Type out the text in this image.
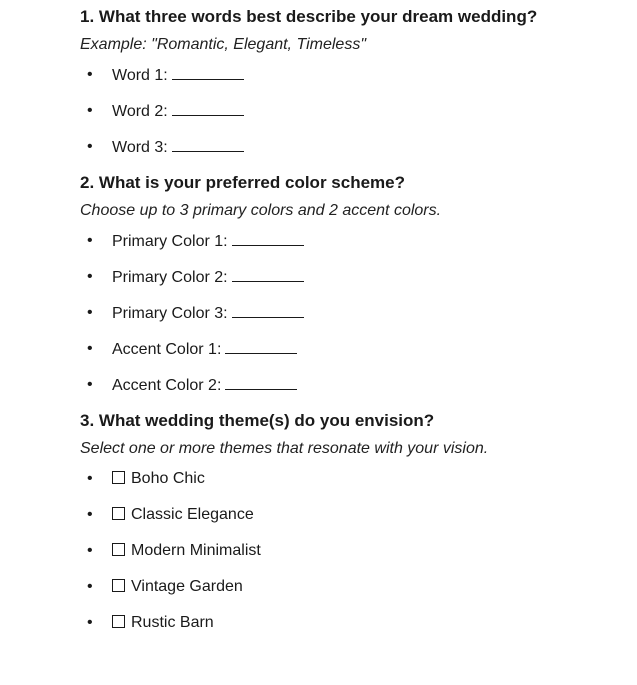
1. What three words best describe your dream wedding?

Example: "Romantic, Elegant, Timeless"

• Word 1:
• Word 2:
• Word 3:

2. What is your preferred color scheme?

Choose up to 3 primary colors and 2 accent colors.

• Primary Color 1:
• Primary Color 2:
• Primary Color 3:
• Accent Color 1:
• Accent Color 2:

3. What wedding theme(s) do you envision?

Select one or more themes that resonate with your vision.

• Boho Chic
• Classic Elegance
• Modern Minimalist
• Vintage Garden
• Rustic Barn
